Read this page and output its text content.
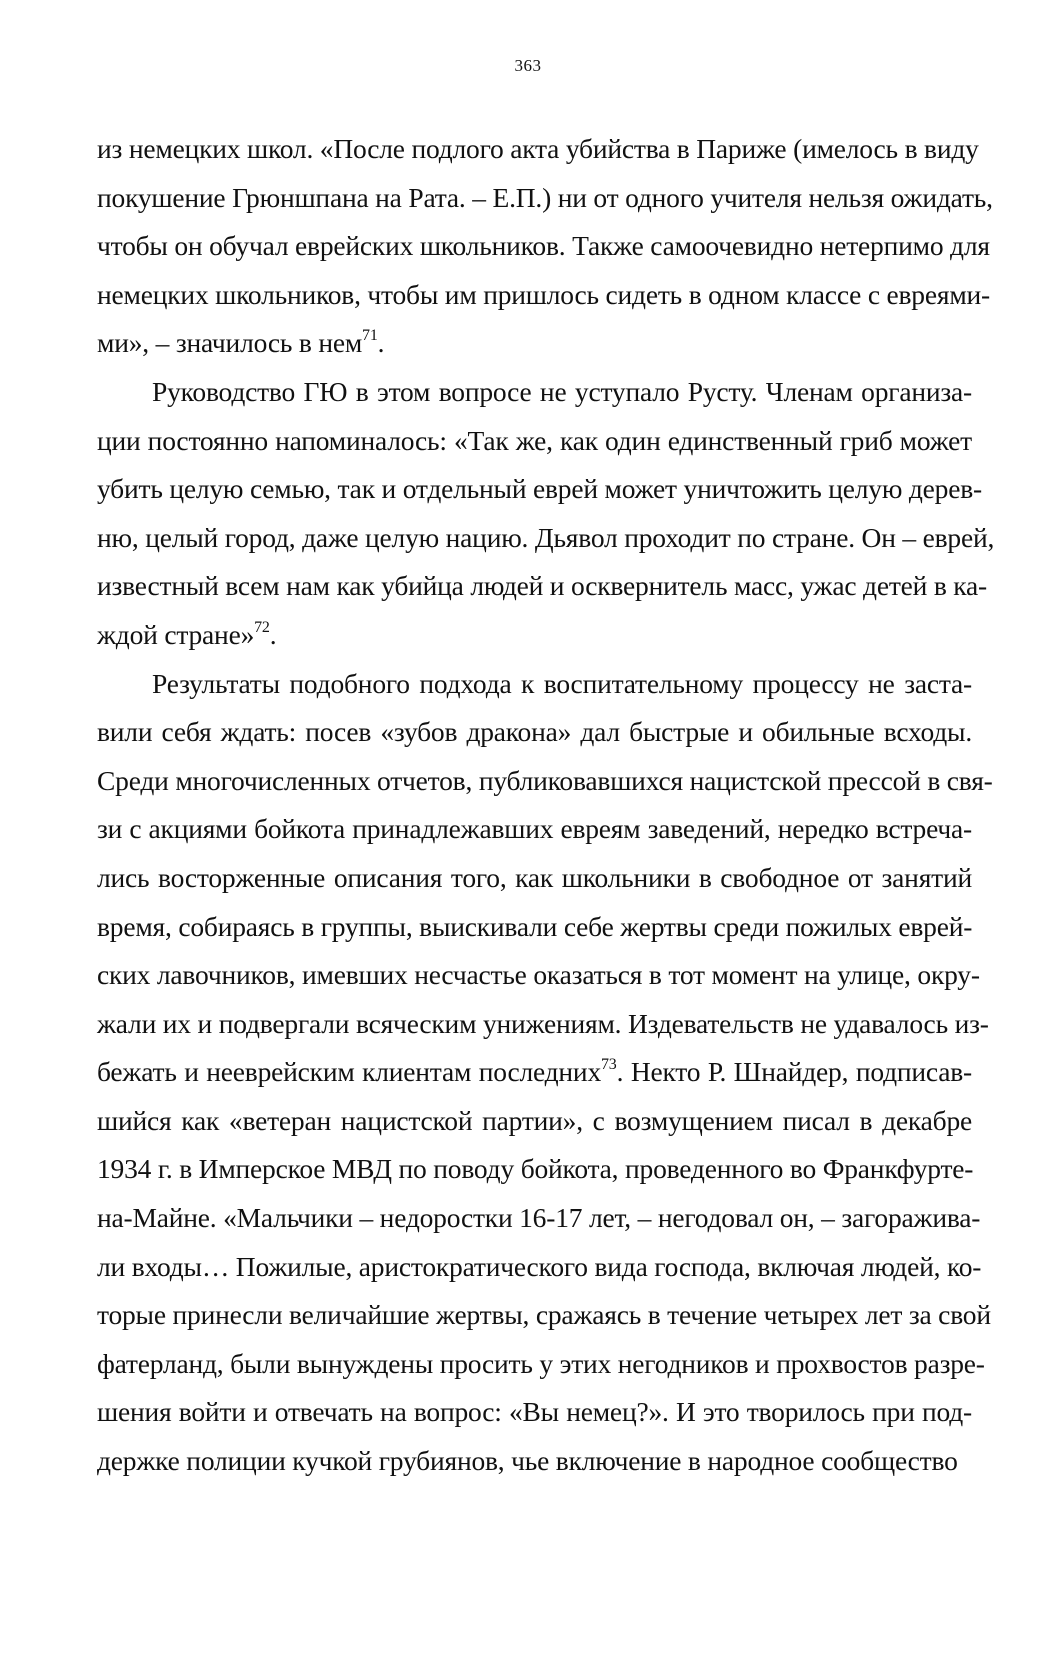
363
из немецких школ. «После подлого акта убийства в Париже (имелось в виду
покушение Грюншпана на Рата. – Е.П.) ни от одного учителя нельзя ожидать,
чтобы он обучал еврейских школьников. Также самоочевидно нетерпимо для
немецких школьников, чтобы им пришлось сидеть в одном классе с евреями-
ми», – значилось в нем$^{71}$.
Руководство ГЮ в этом вопросе не уступало Русту. Членам организа-
ции постоянно напоминалось: «Так же, как один единственный гриб может
убить целую семью, так и отдельный еврей может уничтожить целую дерев-
ню, целый город, даже целую нацию. Дьявол проходит по стране. Он – еврей,
известный всем нам как убийца людей и осквернитель масс, ужас детей в ка-
ждой стране»$^{72}$.
Результаты подобного подхода к воспитательному процессу не заста-
вили себя ждать: посев «зубов дракона» дал быстрые и обильные всходы.
Среди многочисленных отчетов, публиковавшихся нацистской прессой в свя-
зи с акциями бойкота принадлежавших евреям заведений, нередко встреча-
лись восторженные описания того, как школьники в свободное от занятий
время, собираясь в группы, выискивали себе жертвы среди пожилых еврей-
ских лавочников, имевших несчастье оказаться в тот момент на улице, окру-
жали их и подвергали всяческим унижениям. Издевательств не удавалось из-
бежать и нееврейским клиентам последних$^{73}$. Некто Р. Шнайдер, подписав-
шийся как «ветеран нацистской партии», с возмущением писал в декабре
1934 г. в Имперское МВД по поводу бойкота, проведенного во Франкфурте-
на-Майне. «Мальчики – недоростки 16-17 лет, – негодовал он, – загоражива-
ли входы… Пожилые, аристократического вида господа, включая людей, ко-
торые принесли величайшие жертвы, сражаясь в течение четырех лет за свой
фатерланд, были вынуждены просить у этих негодников и прохвостов разре-
шения войти и отвечать на вопрос: «Вы немец?». И это творилось при под-
держке полиции кучкой грубиянов, чье включение в народное сообщество
